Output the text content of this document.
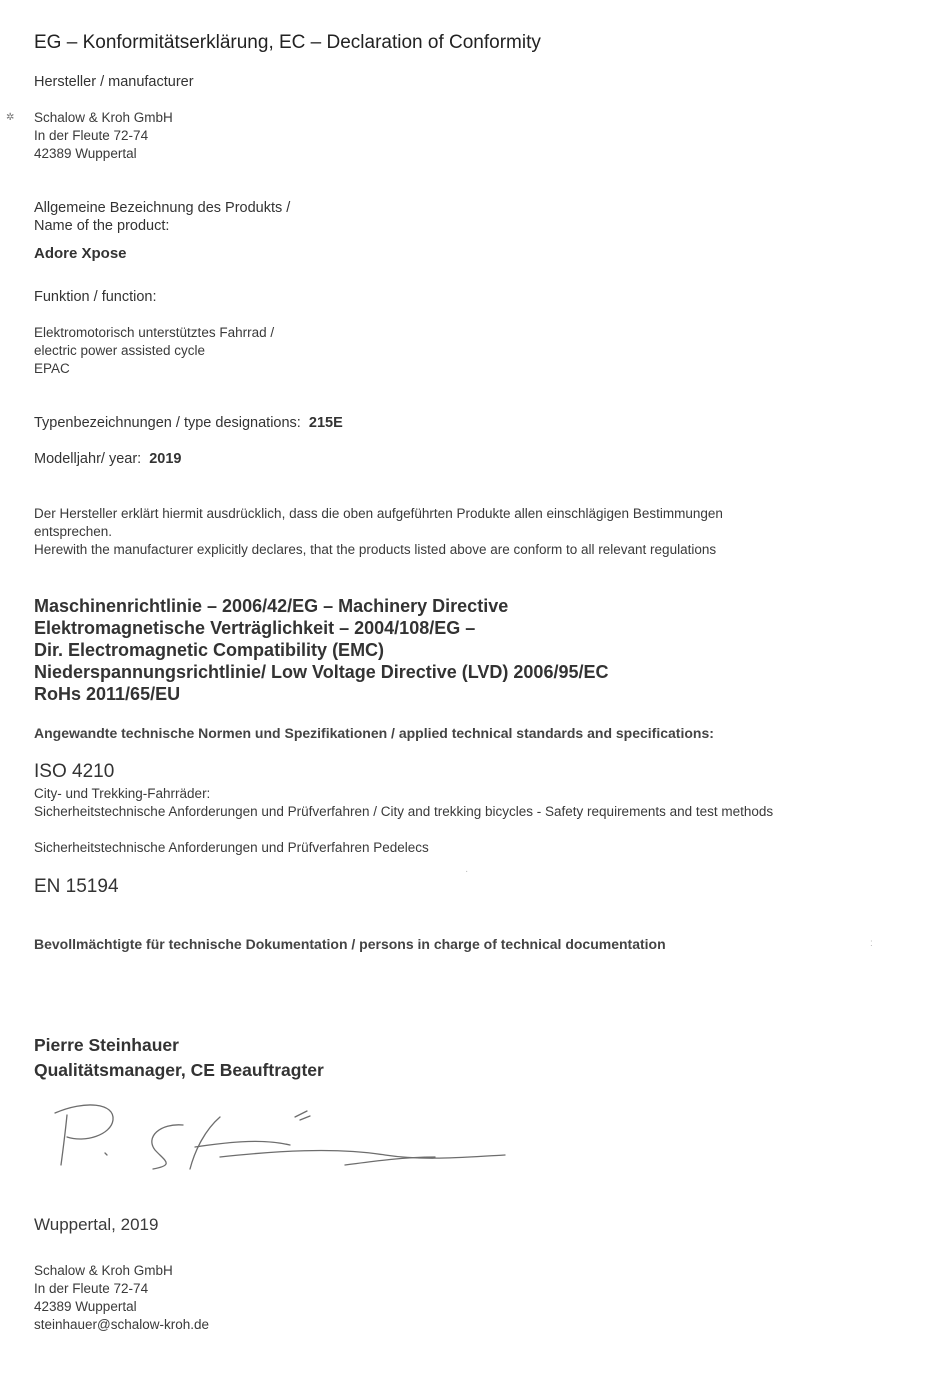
EG – Konformitätserklärung, EC – Declaration of Conformity
Hersteller / manufacturer
✲ Schalow & Kroh GmbH
In der Fleute 72-74
42389 Wuppertal
Allgemeine Bezeichnung des Produkts /
Name of the product:
Adore Xpose
Funktion / function:
Elektromotorisch unterstütztes Fahrrad /
electric power assisted cycle
EPAC
Typenbezeichnungen / type designations: 215E
Modelljahr/ year: 2019
Der Hersteller erklärt hiermit ausdrücklich, dass die oben aufgeführten Produkte allen einschlägigen Bestimmungen
entsprechen.
Herewith the manufacturer explicitly declares, that the products listed above are conform to all relevant regulations
Maschinenrichtlinie – 2006/42/EG – Machinery Directive
Elektromagnetische Verträglichkeit – 2004/108/EG –
Dir. Electromagnetic Compatibility (EMC)
Niederspannungsrichtlinie/ Low Voltage Directive (LVD) 2006/95/EC
RoHs 2011/65/EU
Angewandte technische Normen und Spezifikationen / applied technical standards and specifications:
ISO 4210
City- und Trekking-Fahrräder:
Sicherheitstechnische Anforderungen und Prüfverfahren / City and trekking bicycles - Safety requirements and test methods
Sicherheitstechnische Anforderungen und Prüfverfahren Pedelecs
EN 15194
·
Bevollmächtigte für technische Dokumentation / persons in charge of technical documentation	:
Pierre Steinhauer
Qualitätsmanager, CE Beauftragter
Wuppertal, 2019
Schalow & Kroh GmbH
In der Fleute 72-74
42389 Wuppertal
steinhauer@schalow-kroh.de
